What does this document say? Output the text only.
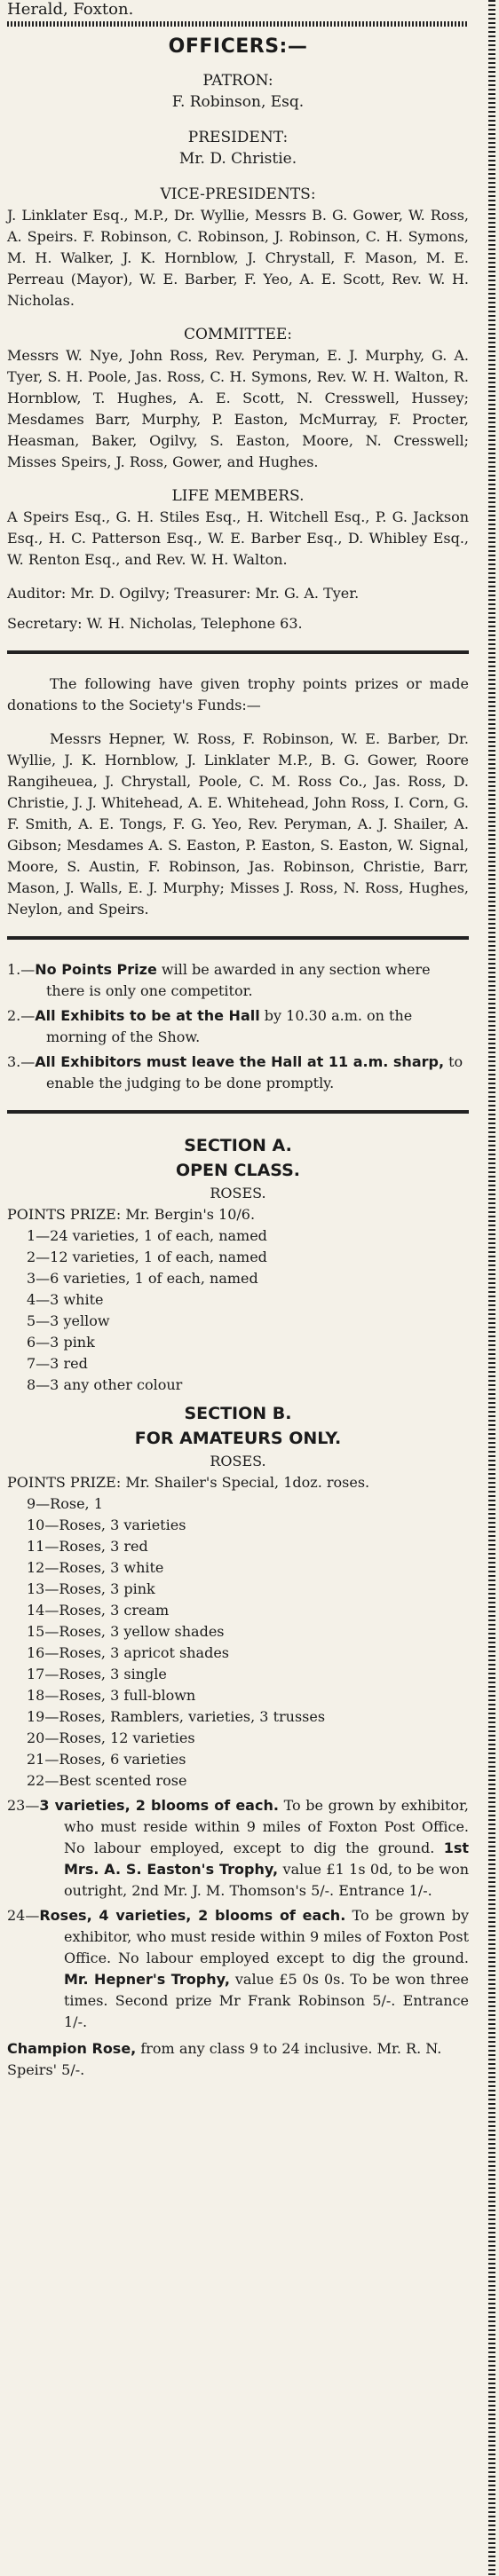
Herald, Foxton.
OFFICERS:—
PATRON:
F. Robinson, Esq.
PRESIDENT:
Mr. D. Christie.
VICE-PRESIDENTS:
J. Linklater Esq., M.P., Dr. Wyllie, Messrs B. G. Gower, W. Ross, A. Speirs. F. Robinson, C. Robinson, J. Robinson, C. H. Symons, M. H. Walker, J. K. Hornblow, J. Chrystall, F. Mason, M. E. Perreau (Mayor), W. E. Barber, F. Yeo, A. E. Scott, Rev. W. H. Nicholas.
COMMITTEE:
Messrs W. Nye, John Ross, Rev. Peryman, E. J. Murphy, G. A. Tyer, S. H. Poole, Jas. Ross, C. H. Symons, Rev. W. H. Walton, R. Hornblow, T. Hughes, A. E. Scott, N. Cresswell, Hussey; Mesdames Barr, Murphy, P. Easton, McMurray, F. Procter, Heasman, Baker, Ogilvy, S. Easton, Moore, N. Cresswell; Misses Speirs, J. Ross, Gower, and Hughes.
LIFE MEMBERS.
A Speirs Esq., G. H. Stiles Esq., H. Witchell Esq., P. G. Jackson Esq., H. C. Patterson Esq., W. E. Barber Esq., D. Whibley Esq., W. Renton Esq., and Rev. W. H. Walton.
Auditor: Mr. D. Ogilvy; Treasurer: Mr. G. A. Tyer.
Secretary: W. H. Nicholas, Telephone 63.
The following have given trophy points prizes or made donations to the Society's Funds:—
Messrs Hepner, W. Ross, F. Robinson, W. E. Barber, Dr. Wyllie, J. K. Hornblow, J. Linklater M.P., B. G. Gower, Roore Rangiheuea, J. Chrystall, Poole, C. M. Ross Co., Jas. Ross, D. Christie, J. J. Whitehead, A. E. Whitehead, John Ross, I. Corn, G. F. Smith, A. E. Tongs, F. G. Yeo, Rev. Peryman, A. J. Shailer, A. Gibson; Mesdames A. S. Easton, P. Easton, S. Easton, W. Signal, Moore, S. Austin, F. Robinson, Jas. Robinson, Christie, Barr, Mason, J. Walls, E. J. Murphy; Misses J. Ross, N. Ross, Hughes, Neylon, and Speirs.
1.—No Points Prize will be awarded in any section where there is only one competitor.
2.—All Exhibits to be at the Hall by 10.30 a.m. on the morning of the Show.
3.—All Exhibitors must leave the Hall at 11 a.m. sharp, to enable the judging to be done promptly.
SECTION A.
OPEN CLASS.
ROSES.
POINTS PRIZE: Mr. Bergin's 10/6.
1—24 varieties, 1 of each, named
2—12 varieties, 1 of each, named
3—6 varieties, 1 of each, named
4—3 white
5—3 yellow
6—3 pink
7—3 red
8—3 any other colour
SECTION B.
FOR AMATEURS ONLY.
ROSES.
POINTS PRIZE: Mr. Shailer's Special, 1doz. roses.
9—Rose, 1
10—Roses, 3 varieties
11—Roses, 3 red
12—Roses, 3 white
13—Roses, 3 pink
14—Roses, 3 cream
15—Roses, 3 yellow shades
16—Roses, 3 apricot shades
17—Roses, 3 single
18—Roses, 3 full-blown
19—Roses, Ramblers, varieties, 3 trusses
20—Roses, 12 varieties
21—Roses, 6 varieties
22—Best scented rose
23—3 varieties, 2 blooms of each. To be grown by exhibitor, who must reside within 9 miles of Foxton Post Office. No labour employed, except to dig the ground. 1st Mrs. A. S. Easton's Trophy, value £1 1s 0d, to be won outright, 2nd Mr. J. M. Thomson's 5/-. Entrance 1/-.
24—Roses, 4 varieties, 2 blooms of each. To be grown by exhibitor, who must reside within 9 miles of Foxton Post Office. No labour employed except to dig the ground. Mr. Hepner's Trophy, value £5 0s 0s. To be won three times. Second prize Mr Frank Robinson 5/-. Entrance 1/-.
Champion Rose, from any class 9 to 24 inclusive. Mr. R. N. Speirs' 5/-.
